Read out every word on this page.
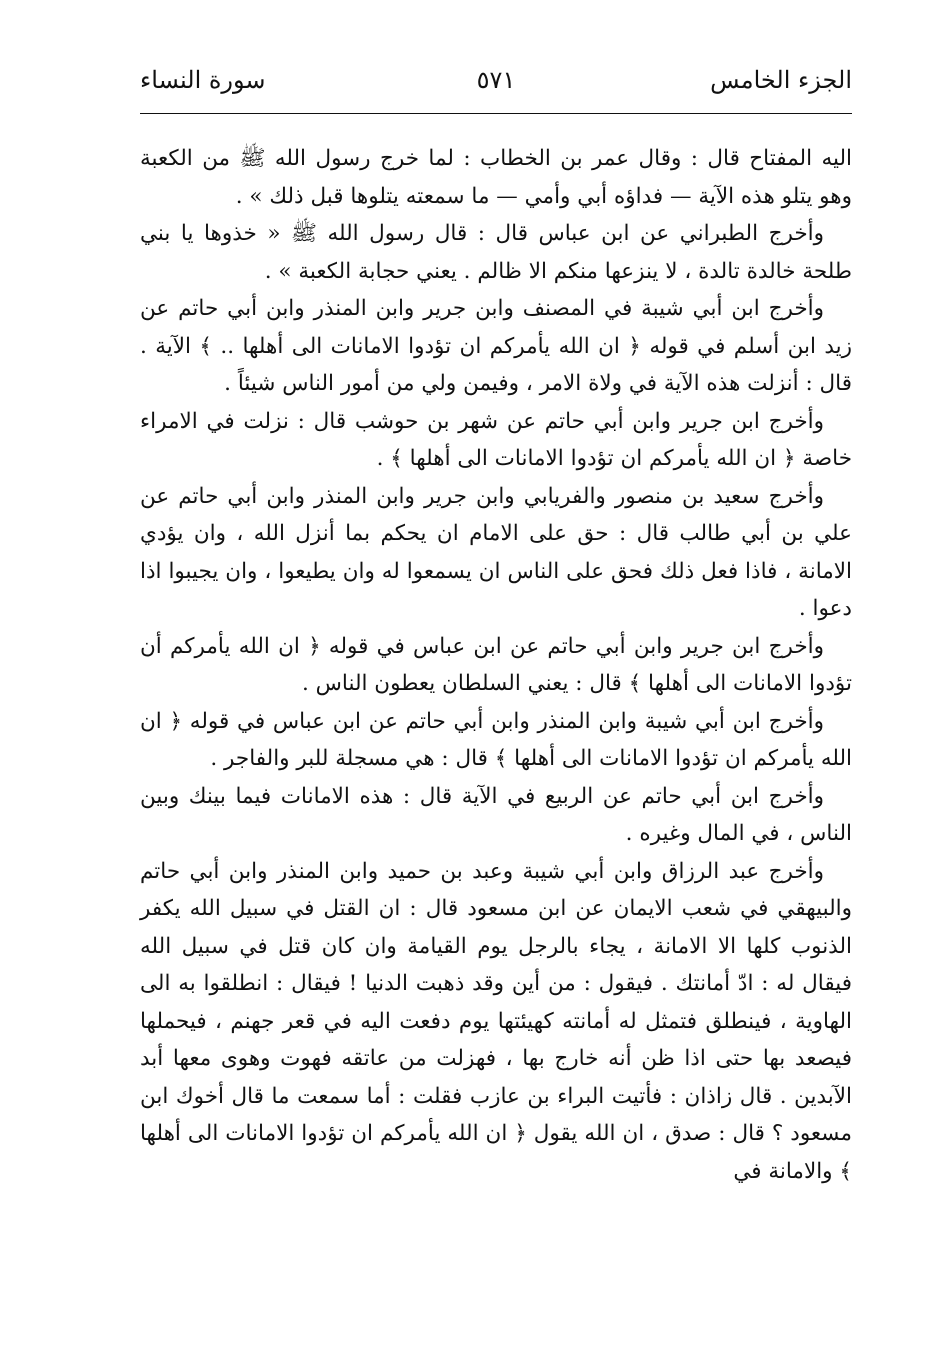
الجزء الخامس
٥٧١
سورة النساء

اليه المفتاح قال : وقال عمر بن الخطاب : لما خرج رسول الله ﷺ من الكعبة وهو يتلو هذه الآية — فداؤه أبي وأمي — ما سمعته يتلوها قبل ذلك » .

وأخرج الطبراني عن ابن عباس قال : قال رسول الله ﷺ « خذوها يا بني طلحة خالدة تالدة ، لا ينزعها منكم الا ظالم . يعني حجابة الكعبة » .

وأخرج ابن أبي شيبة في المصنف وابن جرير وابن المنذر وابن أبي حاتم عن زيد ابن أسلم في قوله ﴿ ان الله يأمركم ان تؤدوا الامانات الى أهلها .. ﴾ الآية . قال : أنزلت هذه الآية في ولاة الامر ، وفيمن ولي من أمور الناس شيئاً .

وأخرج ابن جرير وابن أبي حاتم عن شهر بن حوشب قال : نزلت في الامراء خاصة ﴿ ان الله يأمركم ان تؤدوا الامانات الى أهلها ﴾ .

وأخرج سعيد بن منصور والفريابي وابن جرير وابن المنذر وابن أبي حاتم عن علي بن أبي طالب قال : حق على الامام ان يحكم بما أنزل الله ، وان يؤدي الامانة ، فاذا فعل ذلك فحق على الناس ان يسمعوا له وان يطيعوا ، وان يجيبوا اذا دعوا .

وأخرج ابن جرير وابن أبي حاتم عن ابن عباس في قوله ﴿ ان الله يأمركم أن تؤدوا الامانات الى أهلها ﴾ قال : يعني السلطان يعطون الناس .

وأخرج ابن أبي شيبة وابن المنذر وابن أبي حاتم عن ابن عباس في قوله ﴿ ان الله يأمركم ان تؤدوا الامانات الى أهلها ﴾ قال : هي مسجلة للبر والفاجر .

وأخرج ابن أبي حاتم عن الربيع في الآية قال : هذه الامانات فيما بينك وبين الناس ، في المال وغيره .

وأخرج عبد الرزاق وابن أبي شيبة وعبد بن حميد وابن المنذر وابن أبي حاتم والبيهقي في شعب الايمان عن ابن مسعود قال : ان القتل في سبيل الله يكفر الذنوب كلها الا الامانة ، يجاء بالرجل يوم القيامة وان كان قتل في سبيل الله فيقال له : ادّ أمانتك . فيقول : من أين وقد ذهبت الدنيا ! فيقال : انطلقوا به الى الهاوية ، فينطلق فتمثل له أمانته كهيئتها يوم دفعت اليه في قعر جهنم ، فيحملها فيصعد بها حتى اذا ظن أنه خارج بها ، فهزلت من عاتقه فهوت وهوى معها أبد الآبدين . قال زاذان : فأتيت البراء بن عازب فقلت : أما سمعت ما قال أخوك ابن مسعود ؟ قال : صدق ، ان الله يقول ﴿ ان الله يأمركم ان تؤدوا الامانات الى أهلها ﴾ والامانة في
